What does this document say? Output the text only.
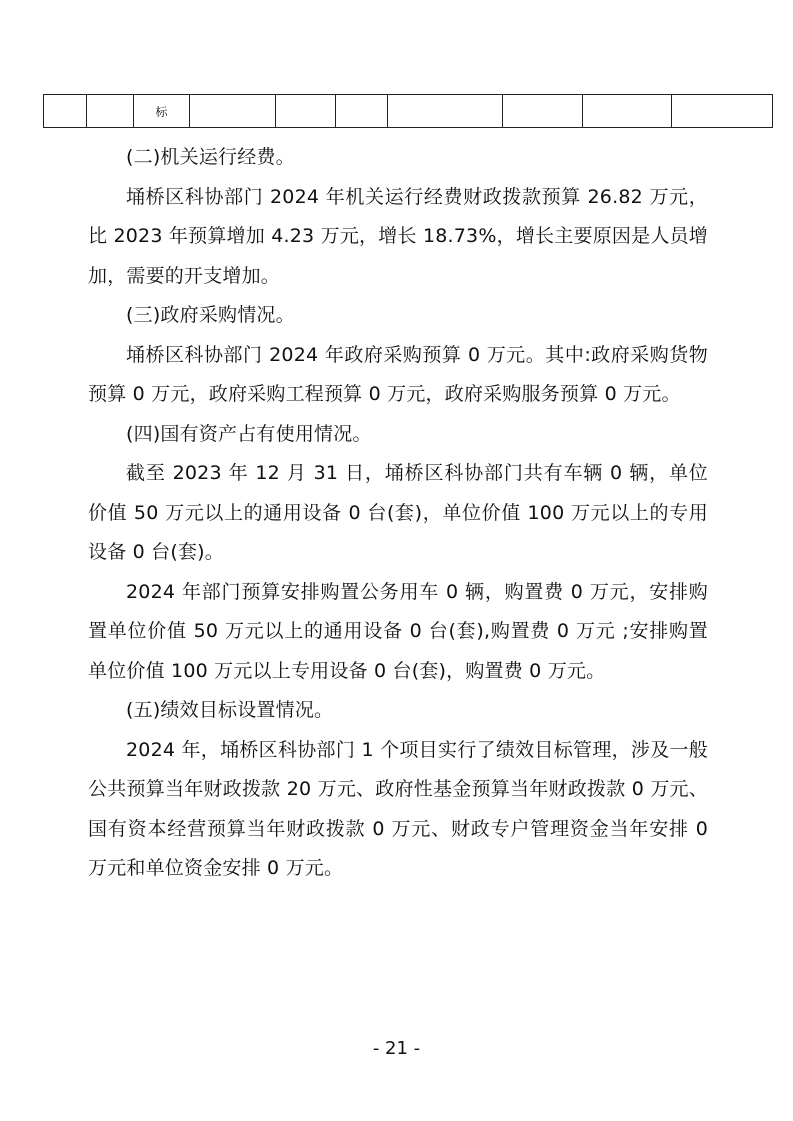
标

(二)机关运行经费。

埇桥区科协部门 2024 年机关运行经费财政拨款预算 26.82 万元，比 2023 年预算增加 4.23 万元，增长 18.73%，增长主要原因是人员增加，需要的开支增加。

(三)政府采购情况。

埇桥区科协部门 2024 年政府采购预算 0 万元。其中:政府采购货物预算 0 万元，政府采购工程预算 0 万元，政府采购服务预算 0 万元。

(四)国有资产占有使用情况。

截至 2023 年 12 月 31 日，埇桥区科协部门共有车辆 0 辆，单位价值 50 万元以上的通用设备 0 台(套)，单位价值 100 万元以上的专用设备 0 台(套)。

2024 年部门预算安排购置公务用车 0 辆，购置费 0 万元，安排购置单位价值 50 万元以上的通用设备 0 台(套),购置费 0 万元 ;安排购置单位价值 100 万元以上专用设备 0 台(套)，购置费 0 万元。

(五)绩效目标设置情况。

2024 年，埇桥区科协部门 1 个项目实行了绩效目标管理，涉及一般公共预算当年财政拨款 20 万元、政府性基金预算当年财政拨款 0 万元、国有资本经营预算当年财政拨款 0 万元、财政专户管理资金当年安排 0 万元和单位资金安排 0 万元。

- 21 -
